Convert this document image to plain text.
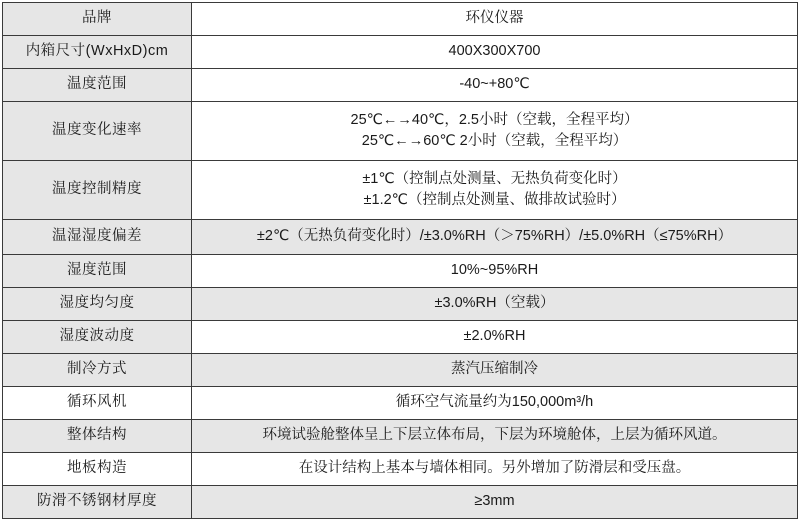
品牌	环仪仪器

内箱尺寸(WxHxD)cm	400X300X700

温度范围	-40~+80℃

温度变化速率	25℃←→40℃，2.5小时（空载，全程平均）
25℃←→60℃ 2小时（空载，全程平均）

温度控制精度	±1℃（控制点处测量、无热负荷变化时）
±1.2℃（控制点处测量、做排故试验时）

温湿湿度偏差	±2℃（无热负荷变化时）/±3.0%RH（＞75%RH）/±5.0%RH（≤75%RH）

湿度范围	10%~95%RH

湿度均匀度	±3.0%RH（空载）

湿度波动度	±2.0%RH

制冷方式	蒸汽压缩制冷

循环风机	循环空气流量约为150,000m³/h

整体结构	环境试验舱整体呈上下层立体布局，下层为环境舱体，上层为循环风道。

地板构造	在设计结构上基本与墙体相同。另外增加了防滑层和受压盘。

防滑不锈钢材厚度	≥3mm
